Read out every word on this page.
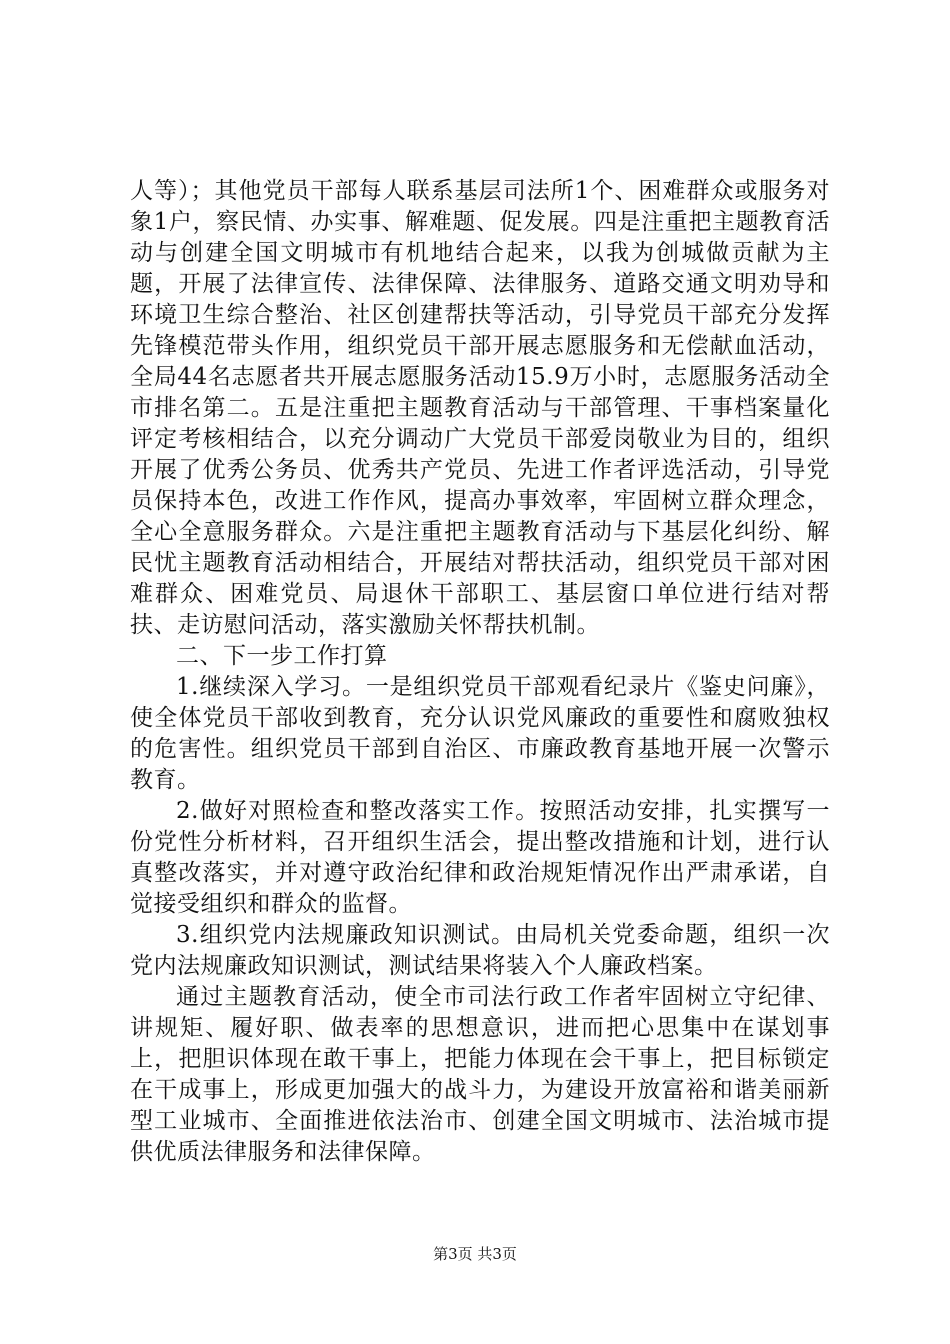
人等）；其他党员干部每人联系基层司法所1个、困难群众或服务对象1户，察民情、办实事、解难题、促发展。四是注重把主题教育活动与创建全国文明城市有机地结合起来，以我为创城做贡献为主题，开展了法律宣传、法律保障、法律服务、道路交通文明劝导和环境卫生综合整治、社区创建帮扶等活动，引导党员干部充分发挥先锋模范带头作用，组织党员干部开展志愿服务和无偿献血活动，全局44名志愿者共开展志愿服务活动15.9万小时，志愿服务活动全市排名第二。五是注重把主题教育活动与干部管理、干事档案量化评定考核相结合，以充分调动广大党员干部爱岗敬业为目的，组织开展了优秀公务员、优秀共产党员、先进工作者评选活动，引导党员保持本色，改进工作作风，提高办事效率，牢固树立群众理念，全心全意服务群众。六是注重把主题教育活动与下基层化纠纷、解民忧主题教育活动相结合，开展结对帮扶活动，组织党员干部对困难群众、困难党员、局退休干部职工、基层窗口单位进行结对帮扶、走访慰问活动，落实激励关怀帮扶机制。

二、下一步工作打算

1.继续深入学习。一是组织党员干部观看纪录片《鉴史问廉》，使全体党员干部收到教育，充分认识党风廉政的重要性和腐败独权的危害性。组织党员干部到自治区、市廉政教育基地开展一次警示教育。

2.做好对照检查和整改落实工作。按照活动安排，扎实撰写一份党性分析材料，召开组织生活会，提出整改措施和计划，进行认真整改落实，并对遵守政治纪律和政治规矩情况作出严肃承诺，自觉接受组织和群众的监督。

3.组织党内法规廉政知识测试。由局机关党委命题，组织一次党内法规廉政知识测试，测试结果将装入个人廉政档案。

通过主题教育活动，使全市司法行政工作者牢固树立守纪律、讲规矩、履好职、做表率的思想意识，进而把心思集中在谋划事上，把胆识体现在敢干事上，把能力体现在会干事上，把目标锁定在干成事上，形成更加强大的战斗力，为建设开放富裕和谐美丽新型工业城市、全面推进依法治市、创建全国文明城市、法治城市提供优质法律服务和法律保障。

第3页 共3页
